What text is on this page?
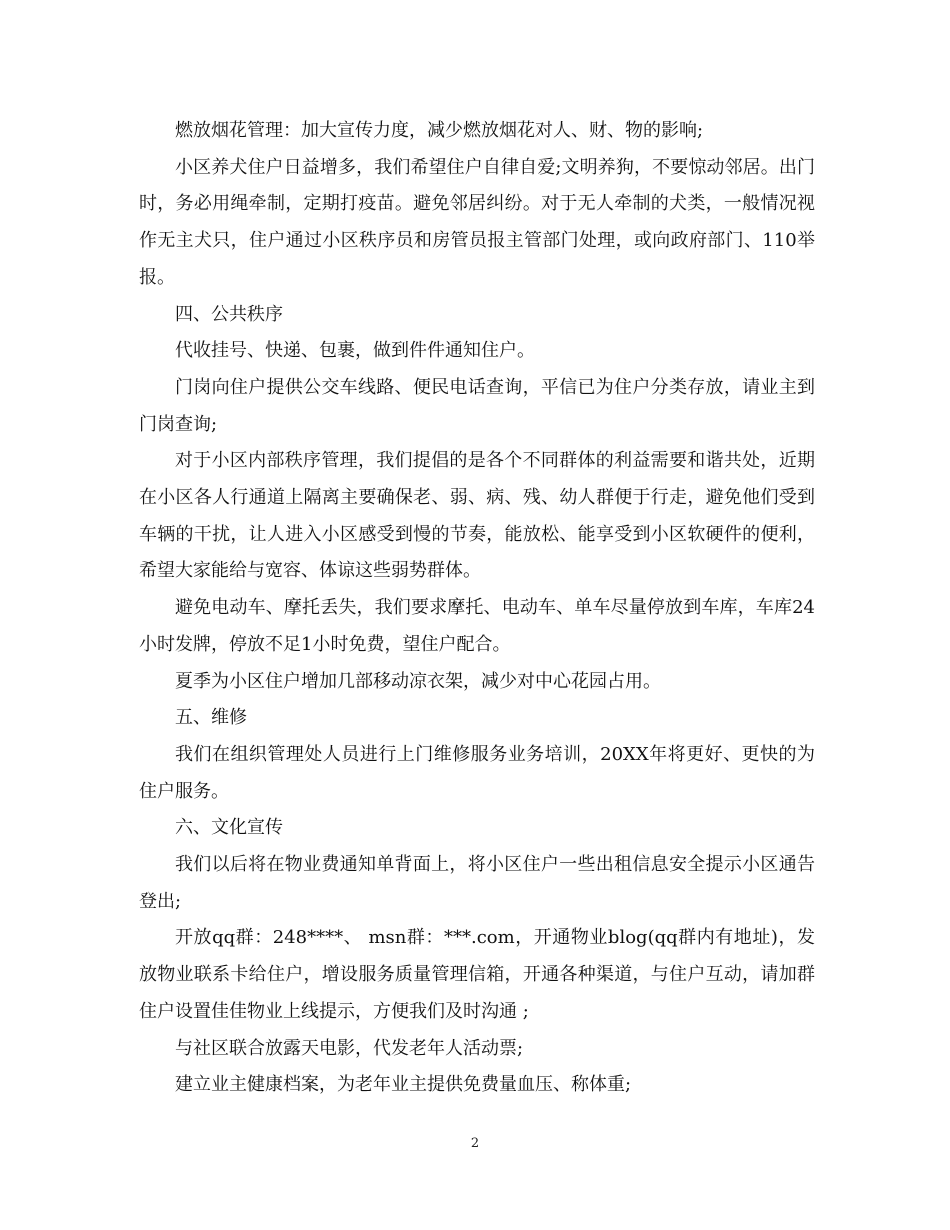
燃放烟花管理：加大宣传力度，减少燃放烟花对人、财、物的影响;

小区养犬住户日益增多，我们希望住户自律自爱;文明养狗，不要惊动邻居。出门时，务必用绳牵制，定期打疫苗。避免邻居纠纷。对于无人牵制的犬类，一般情况视作无主犬只，住户通过小区秩序员和房管员报主管部门处理，或向政府部门、110举报。

四、公共秩序

代收挂号、快递、包裹，做到件件通知住户。

门岗向住户提供公交车线路、便民电话查询，平信已为住户分类存放，请业主到门岗查询;

对于小区内部秩序管理，我们提倡的是各个不同群体的利益需要和谐共处，近期在小区各人行通道上隔离主要确保老、弱、病、残、幼人群便于行走，避免他们受到车辆的干扰，让人进入小区感受到慢的节奏，能放松、能享受到小区软硬件的便利，希望大家能给与宽容、体谅这些弱势群体。

避免电动车、摩托丢失，我们要求摩托、电动车、单车尽量停放到车库，车库24小时发牌，停放不足1小时免费，望住户配合。

夏季为小区住户增加几部移动凉衣架，减少对中心花园占用。

五、维修

我们在组织管理处人员进行上门维修服务业务培训，20XX年将更好、更快的为住户服务。

六、文化宣传

我们以后将在物业费通知单背面上，将小区住户一些出租信息安全提示小区通告登出;

开放qq群：248****、 msn群：***.com，开通物业blog(qq群内有地址)，发放物业联系卡给住户，增设服务质量管理信箱，开通各种渠道，与住户互动，请加群住户设置佳佳物业上线提示，方便我们及时沟通 ;

与社区联合放露天电影，代发老年人活动票;

建立业主健康档案，为老年业主提供免费量血压、称体重;

2
